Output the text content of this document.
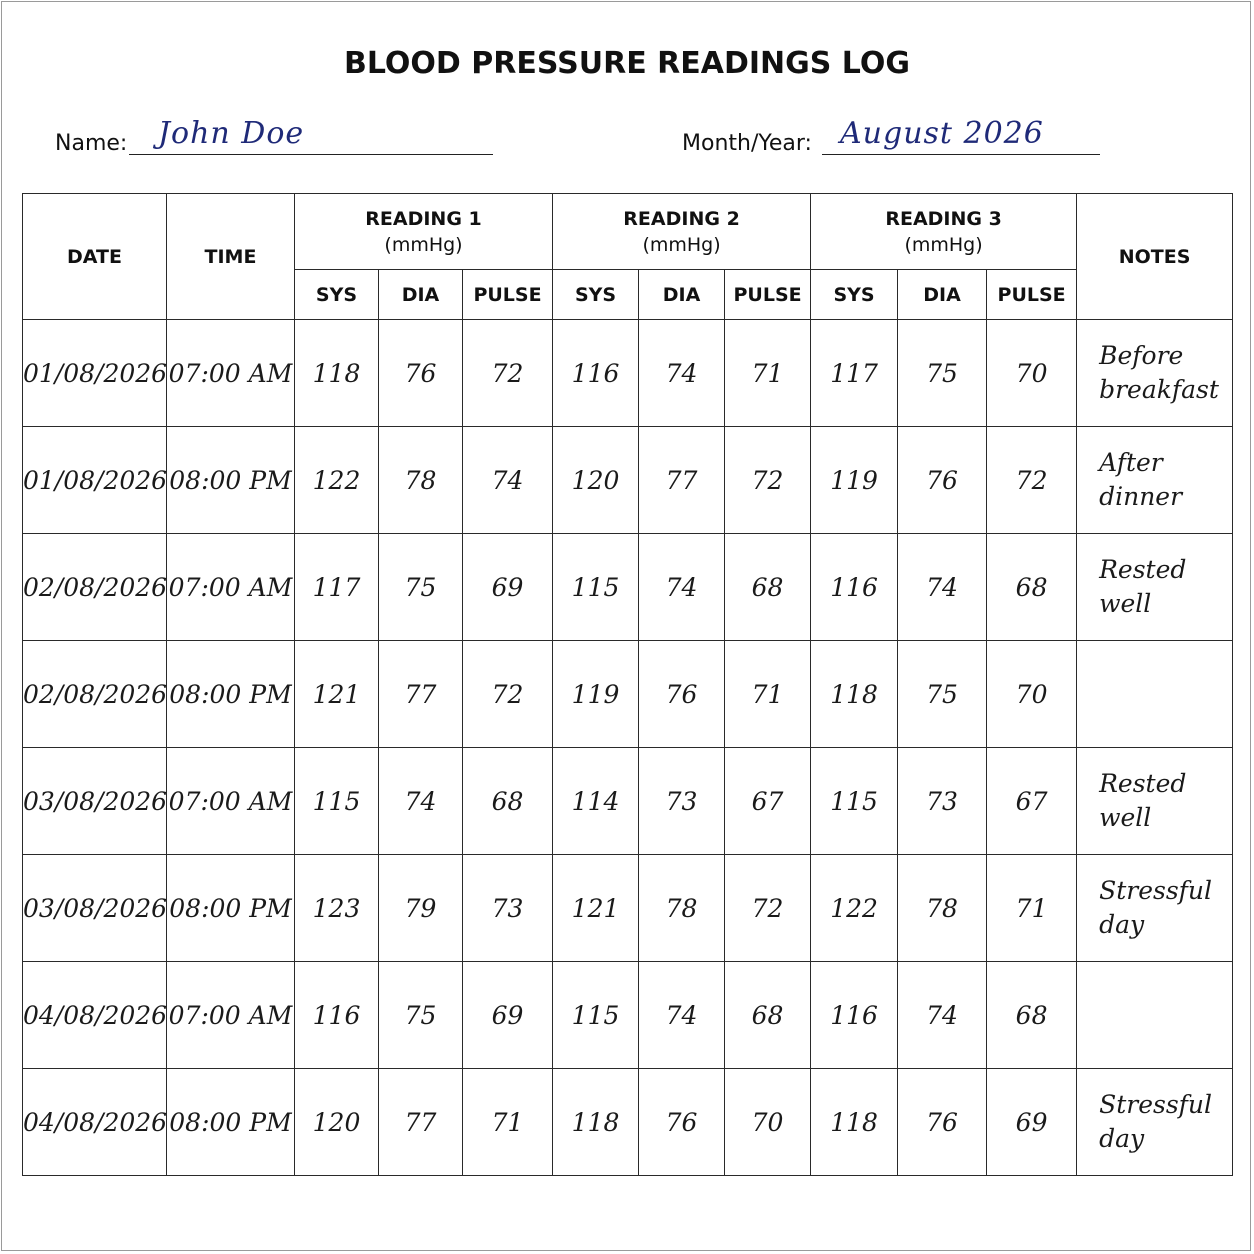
BLOOD PRESSURE READINGS LOG
Name: John Doe	Month/Year: August 2026
DATE	TIME	READING 1
(mmHg)			READING 2
(mmHg)			READING 3
(mmHg)			NOTES
		SYS	DIA	PULSE	SYS	DIA	PULSE	SYS	DIA	PULSE	
01/08/2026	07:00 AM	118	76	72	116	74	71	117	75	70	Before breakfast
01/08/2026	08:00 PM	122	78	74	120	77	72	119	76	72	After dinner
02/08/2026	07:00 AM	117	75	69	115	74	68	116	74	68	Rested well
02/08/2026	08:00 PM	121	77	72	119	76	71	118	75	70	
03/08/2026	07:00 AM	115	74	68	114	73	67	115	73	67	Rested well
03/08/2026	08:00 PM	123	79	73	121	78	72	122	78	71	Stressful day
04/08/2026	07:00 AM	116	75	69	115	74	68	116	74	68	
04/08/2026	08:00 PM	120	77	71	118	76	70	118	76	69	Stressful day
